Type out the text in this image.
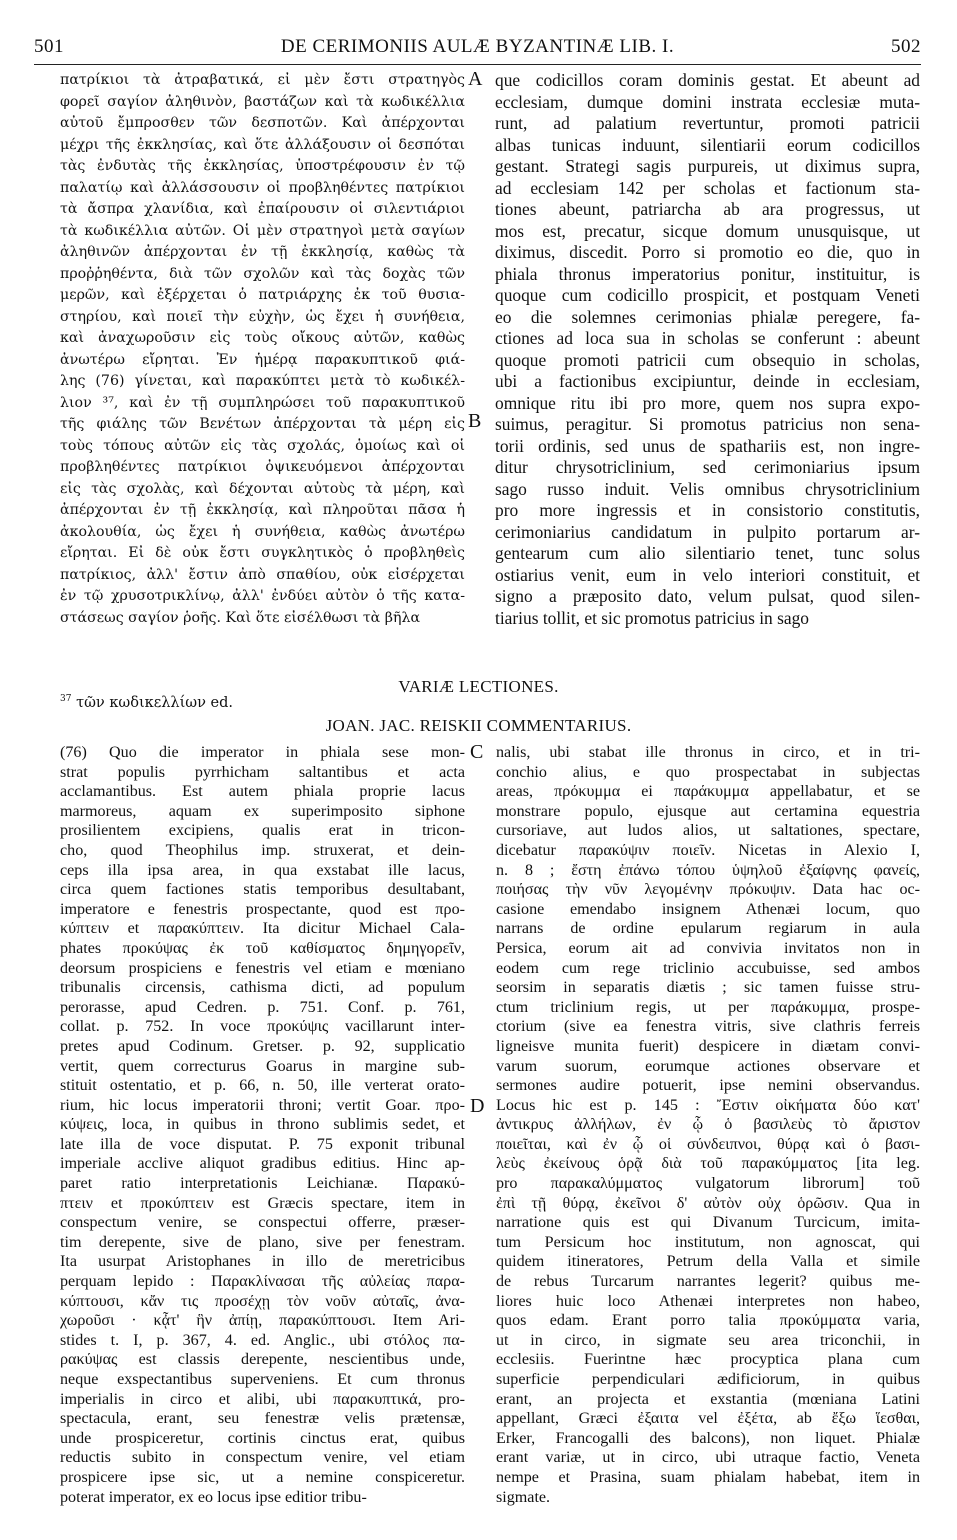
501	DE CERIMONIIS AULÆ BYZANTINÆ LIB. I.	502
πατρίκιοι τὰ ἀτραβατικά, εἰ μὲν ἔστι στρατηγὸς
φορεῖ σαγίον ἀληθινὸν, βαστάζων καὶ τὰ κωδικέλλια
αὐτοῦ ἔμπροσθεν τῶν δεσποτῶν. Καὶ ἀπέρχονται
μέχρι τῆς ἐκκλησίας, καὶ ὅτε ἀλλάξουσιν οἱ δεσπόται
τὰς ἐνδυτὰς τῆς ἐκκλησίας, ὑποστρέφουσιν ἐν τῷ
παλατίῳ καὶ ἀλλάσσουσιν οἱ προβληθέντες πατρίκιοι
τὰ ἄσπρα χλανίδια, καὶ ἐπαίρουσιν οἱ σιλεντιάριοι
τὰ κωδικέλλια αὐτῶν. Οἱ μὲν στρατηγοὶ μετὰ σαγίων
ἀληθινῶν ἀπέρχονται ἐν τῇ ἐκκλησίᾳ, καθὼς τὰ
προῤῥηθέντα, διὰ τῶν σχολῶν καὶ τὰς δοχὰς τῶν
μερῶν, καὶ ἐξέρχεται ὁ πατριάρχης ἐκ τοῦ θυσια-
στηρίου, καὶ ποιεῖ τὴν εὐχὴν, ὡς ἔχει ἡ συνήθεια,
καὶ ἀναχωροῦσιν εἰς τοὺς οἴκους αὐτῶν, καθὼς
ἀνωτέρω εἴρηται. Ἐν ἡμέρᾳ παρακυπτικοῦ φιά-
λης (76) γίνεται, καὶ παρακύπτει μετὰ τὸ κωδικέλ-
λιον ³⁷, καὶ ἐν τῇ συμπληρώσει τοῦ παρακυπτικοῦ
τῆς φιάλης τῶν Βενέτων ἀπέρχονται τὰ μέρη εἰς
τοὺς τόπους αὐτῶν εἰς τὰς σχολάς, ὁμοίως καὶ οἱ
προβληθέντες πατρίκιοι ὀψικευόμενοι ἀπέρχονται
εἰς τὰς σχολὰς, καὶ δέχονται αὐτοὺς τὰ μέρη, καὶ
ἀπέρχονται ἐν τῇ ἐκκλησίᾳ, καὶ πληροῦται πᾶσα ἡ
ἀκολουθία, ὡς ἔχει ἡ συνήθεια, καθὼς ἀνωτέρω
εἴρηται. Εἰ δὲ οὐκ ἔστι συγκλητικὸς ὁ προβληθεὶς
πατρίκιος, ἀλλ' ἔστιν ἀπὸ σπαθίου, οὐκ εἰσέρχεται
ἐν τῷ χρυσοτρικλίνῳ, ἀλλ' ἐνδύει αὐτὸν ὁ τῆς κατα-
στάσεως σαγίον ῥοῆς. Καὶ ὅτε εἰσέλθωσι τὰ βῆλα
que codicillos coram dominis gestat. Et abeunt ad
ecclesiam, dumque domini instrata ecclesiæ muta-
runt, ad palatium revertuntur, promoti patricii
albas tunicas induunt, silentiarii eorum codicillos
gestant. Strategi sagis purpureis, ut diximus supra,
ad ecclesiam 142 per scholas et factionum sta-
tiones abeunt, patriarcha ab ara progressus, ut
mos est, precatur, sicque domum unusquisque, ut
diximus, discedit. Porro si promotio eo die, quo in
phiala thronus imperatorius ponitur, instituitur, is
quoque cum codicillo prospicit, et postquam Veneti
eo die solemnes cerimonias phialæ peregere, fa-
ctiones ad loca sua in scholas se conferunt : abeunt
quoque promoti patricii cum obsequio in scholas,
ubi a factionibus excipiuntur, deinde in ecclesiam,
omnique ritu ibi pro more, quem nos supra expo-
suimus, peragitur. Si promotus patricius non sena-
torii ordinis, sed unus de spathariis est, non ingre-
ditur chrysotriclinium, sed cerimoniarius ipsum
sago russo induit. Velis omnibus chrysotriclinium
pro more ingressis et in consistorio constitutis,
cerimoniarius candidatum in pulpito portarum ar-
gentearum cum alio silentiario tenet, tunc solus
ostiarius venit, eum in velo interiori constituit, et
signo a præposito dato, velum pulsat, quod silen-
tiarius tollit, et sic promotus patricius in sago
A
B
C
D
VARIÆ LECTIONES.
$^{37}$ τῶν κωδικελλίων ed.
JOAN. JAC. REISKII COMMENTARIUS.
(76) Quo die imperator in phiala sese mon-
strat populis pyrrhicham saltantibus et acta
acclamantibus. Est autem phiala proprie lacus
marmoreus, aquam ex superimposito siphone
prosilientem excipiens, qualis erat in tricon-
cho, quod Theophilus imp. struxerat, et dein-
ceps illa ipsa area, in qua exstabat ille lacus,
circa quem factiones statis temporibus desultabant,
imperatore e fenestris prospectante, quod est προ-
κύπτειν et παρακύπτειν. Ita dicitur Michael Cala-
phates προκύψας ἐκ τοῦ καθίσματος δημηγορεῖν,
deorsum prospiciens e fenestris vel etiam e mœniano
tribunalis circensis, cathisma dicti, ad populum
perorasse, apud Cedren. p. 751. Conf. p. 761,
collat. p. 752. In voce προκύψις vacillarunt inter-
pretes apud Codinum. Gretser. p. 92, supplicatio
vertit, quem correcturus Goarus in margine sub-
stituit ostentatio, et p. 66, n. 50, ille verterat orato-
rium, hic locus imperatorii throni; vertit Goar. προ-
κύψεις, loca, in quibus in throno sublimis sedet, et
late illa de voce disputat. P. 75 exponit tribunal
imperiale acclive aliquot gradibus editius. Hinc ap-
paret ratio interpretationis Leichianæ. Παρακύ-
πτειν et προκύπτειν est Græcis spectare, item in
conspectum venire, se conspectui offerre, præser-
tim derepente, sive de plano, sive per fenestram.
Ita usurpat Aristophanes in illo de meretricibus
perquam lepido : Παρακλίνασαι τῆς αὐλείας παρα-
κύπτουσι, κἄν τις προσέχῃ τὸν νοῦν αὐταῖς, ἀνα-
χωροῦσι · κᾆτ' ἣν ἀπίῃ, παρακύπτουσι. Item Ari-
stides t. I, p. 367, 4. ed. Anglic., ubi στόλος πα-
ρακύψας est classis derepente, nescientibus unde,
neque exspectantibus superveniens. Et cum thronus
imperialis in circo et alibi, ubi παρακυπτικά, pro-
spectacula, erant, seu fenestræ velis prætensæ,
unde prospiceretur, cortinis cinctus erat, quibus
reductis subito in conspectum venire, vel etiam
prospicere ipse sic, ut a nemine conspiceretur.
poterat imperator, ex eo locus ipse editior tribu-
nalis, ubi stabat ille thronus in circo, et in tri-
conchio alius, e quo prospectabat in subjectas
areas, πρόκυμμα ei παράκυμμα appellabatur, et se
monstrare populo, ejusque aut certamina equestria
cursoriave, aut ludos alios, ut saltationes, spectare,
dicebatur παρακύψιν ποιεῖν. Nicetas in Alexio I,
n. 8 ; ἔστη ἐπάνω τόπου ὑψηλοῦ ἐξαίφνης φανείς,
ποιήσας τὴν νῦν λεγομένην πρόκυψιν. Data hac oc-
casione emendabo insignem Athenæi locum, quo
narrans de ordine epularum regiarum in aula
Persica, eorum ait ad convivia invitatos non in
eodem cum rege triclinio accubuisse, sed ambos
seorsim in separatis diætis ; sic tamen fuisse stru-
ctum triclinium regis, ut per παράκυμμα, prospe-
ctorium (sive ea fenestra vitris, sive clathris ferreis
ligneisve munita fuerit) despicere in diætam convi-
varum suorum, eorumque actiones observare et
sermones audire potuerit, ipse nemini observandus.
Locus hic est p. 145 : Ἔστιν οἰκήματα δύο κατ'
ἀντικρυς ἀλλήλων, ἐν ᾧ ὁ βασιλεὺς τὸ ἄριστον
ποιεῖται, καὶ ἐν ᾧ οἱ σύνδειπνοι, θύρᾳ καὶ ὁ βασι-
λεὺς ἐκείνους ὁρᾷ διὰ τοῦ παρακύμματος [ita leg.
pro παρακαλύμματος vulgatorum librorum] τοῦ
ἐπὶ τῇ θύρᾳ, ἐκεῖνοι δ' αὐτὸν οὐχ ὁρῶσιν. Qua in
narratione quis est qui Divanum Turcicum, imita-
tum Persicum hoc institutum, non agnoscat, qui
quidem itineratores, Petrum della Valla et simile
de rebus Turcarum narrantes legerit? quibus me-
liores huic loco Athenæi interpretes non habeo,
quos edam. Erant porro talia προκύμματα varia,
ut in circo, in sigmate seu area triconchii, in
ecclesiis. Fuerintne hæc procyptica plana cum
superficie perpendiculari ædificiorum, in quibus
erant, an projecta et exstantia (mœniana Latini
appellant, Græci ἐξαιτα vel ἐξέτα, ab ἔξω ἵεσθαι,
Erker, Francogalli des balcons), non liquet. Phialæ
erant variæ, ut in circo, ubi utraque factio, Veneta
nempe et Prasina, suam phialam habebat, item in
sigmate.
